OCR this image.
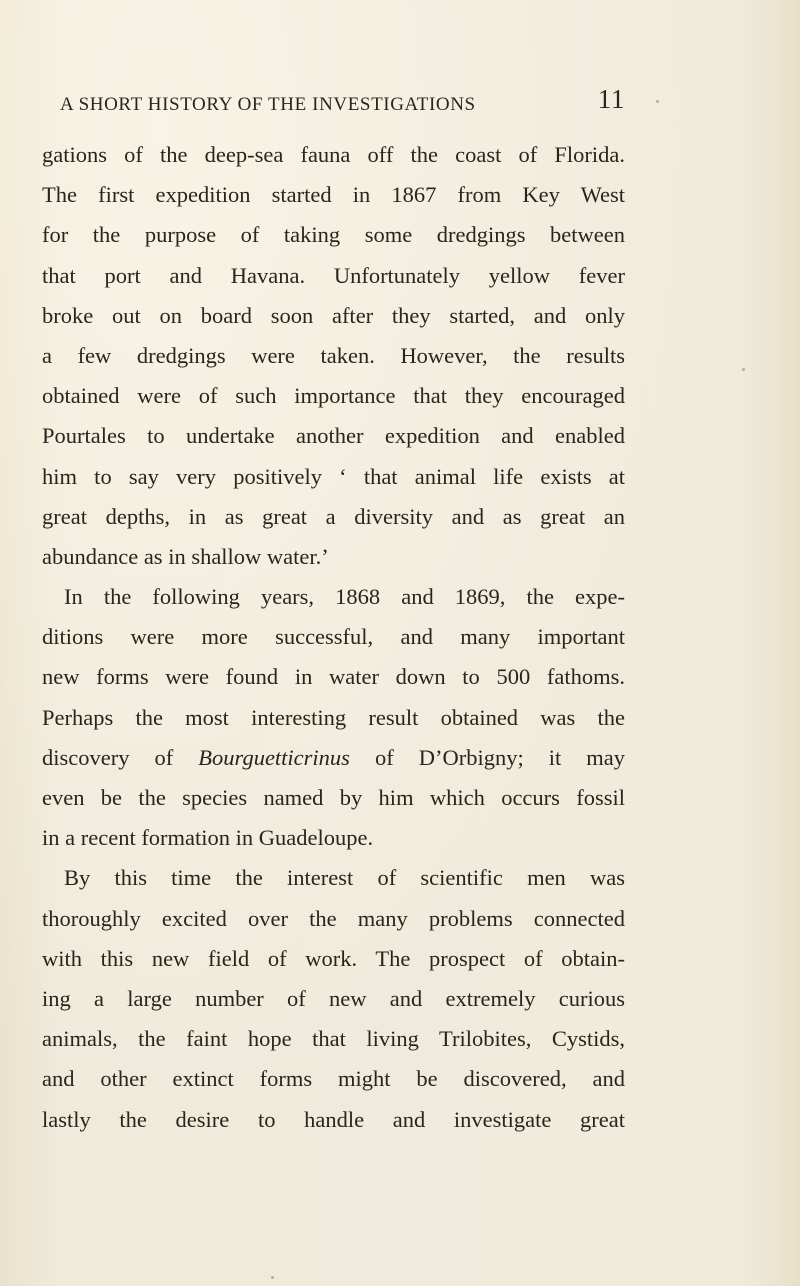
A SHORT HISTORY OF THE INVESTIGATIONS	11
gations of the deep-sea fauna off the coast of Florida.
The first expedition started in 1867 from Key West
for the purpose of taking some dredgings between
that port and Havana. Unfortunately yellow fever
broke out on board soon after they started, and only
a few dredgings were taken. However, the results
obtained were of such importance that they encouraged
Pourtales to undertake another expedition and enabled
him to say very positively ‘ that animal life exists at
great depths, in as great a diversity and as great an
abundance as in shallow water.’
In the following years, 1868 and 1869, the expe-
ditions were more successful, and many important
new forms were found in water down to 500 fathoms.
Perhaps the most interesting result obtained was the
discovery of Bourguetticrinus of D’Orbigny; it may
even be the species named by him which occurs fossil
in a recent formation in Guadeloupe.
By this time the interest of scientific men was
thoroughly excited over the many problems connected
with this new field of work. The prospect of obtain-
ing a large number of new and extremely curious
animals, the faint hope that living Trilobites, Cystids,
and other extinct forms might be discovered, and
lastly the desire to handle and investigate great
